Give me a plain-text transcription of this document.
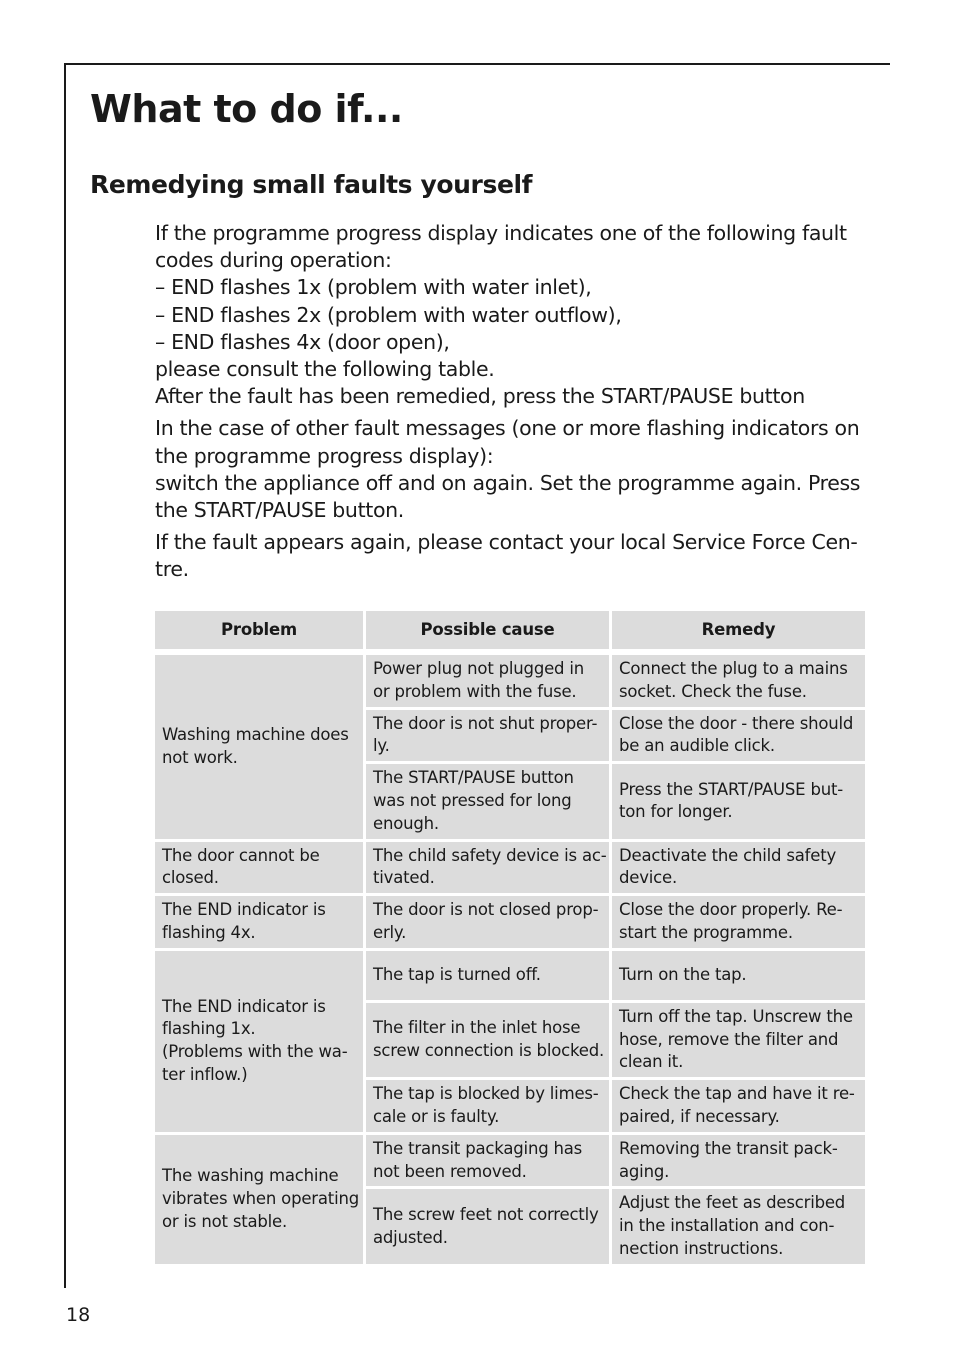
What to do if...
Remedying small faults yourself

If the programme progress display indicates one of the following fault
codes during operation:
– END flashes 1x (problem with water inlet),
– END flashes 2x (problem with water outflow),
– END flashes 4x (door open),
please consult the following table.
After the fault has been remedied, press the START/PAUSE button

In the case of other fault messages (one or more flashing indicators on
the programme progress display):
switch the appliance off and on again. Set the programme again. Press
the START/PAUSE button.

If the fault appears again, please contact your local Service Force Cen-
tre.

Problem	Possible cause	Remedy

Washing machine does
not work.	Power plug not plugged in
or problem with the fuse.	Connect the plug to a mains
socket. Check the fuse.

	The door is not shut proper-
ly.	Close the door - there should
be an audible click.

	The START/PAUSE button
was not pressed for long
enough.	Press the START/PAUSE but-
ton for longer.

The door cannot be
closed.	The child safety device is ac-
tivated.	Deactivate the child safety
device.

The END indicator is
flashing 4x.	The door is not closed prop-
erly.	Close the door properly. Re-
start the programme.

The END indicator is
flashing 1x.
(Problems with the wa-
ter inflow.)	The tap is turned off.	Turn on the tap.

	The filter in the inlet hose
screw connection is blocked.	Turn off the tap. Unscrew the
hose, remove the filter and
clean it.

	The tap is blocked by limes-
cale or is faulty.	Check the tap and have it re-
paired, if necessary.

The washing machine
vibrates when operating
or is not stable.	The transit packaging has
not been removed.	Removing the transit pack-
aging.

	The screw feet not correctly
adjusted.	Adjust the feet as described
in the installation and con-
nection instructions.
18
